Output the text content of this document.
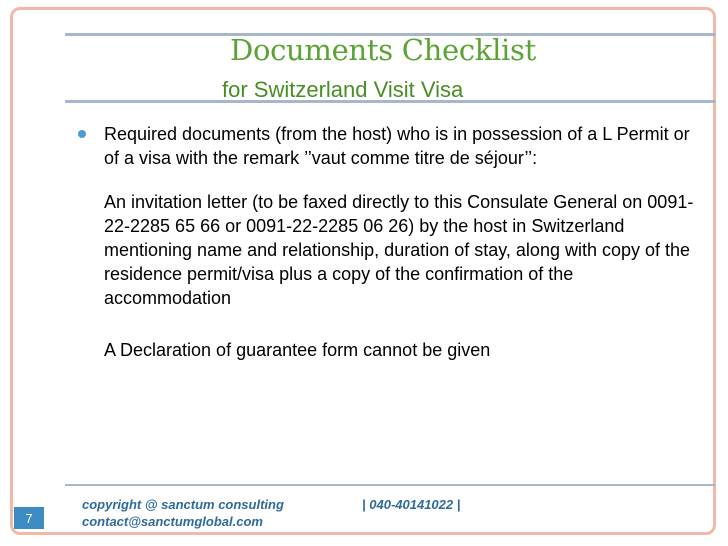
Documents Checklist
for Switzerland Visit Visa
Required documents (from the host) who is in possession of a L Permit or of a visa with the remark ’’vaut comme titre de séjour’’:
An invitation letter (to be faxed directly to this Consulate General on 0091-22-2285 65 66 or 0091-22-2285 06 26) by the host in Switzerland mentioning name and relationship, duration of stay, along with copy of the residence permit/visa plus a copy of the confirmation of the accommodation
A Declaration of guarantee form cannot be given
copyright @ sanctum consulting
contact@sanctumglobal.com
| 040-40141022 |
7
